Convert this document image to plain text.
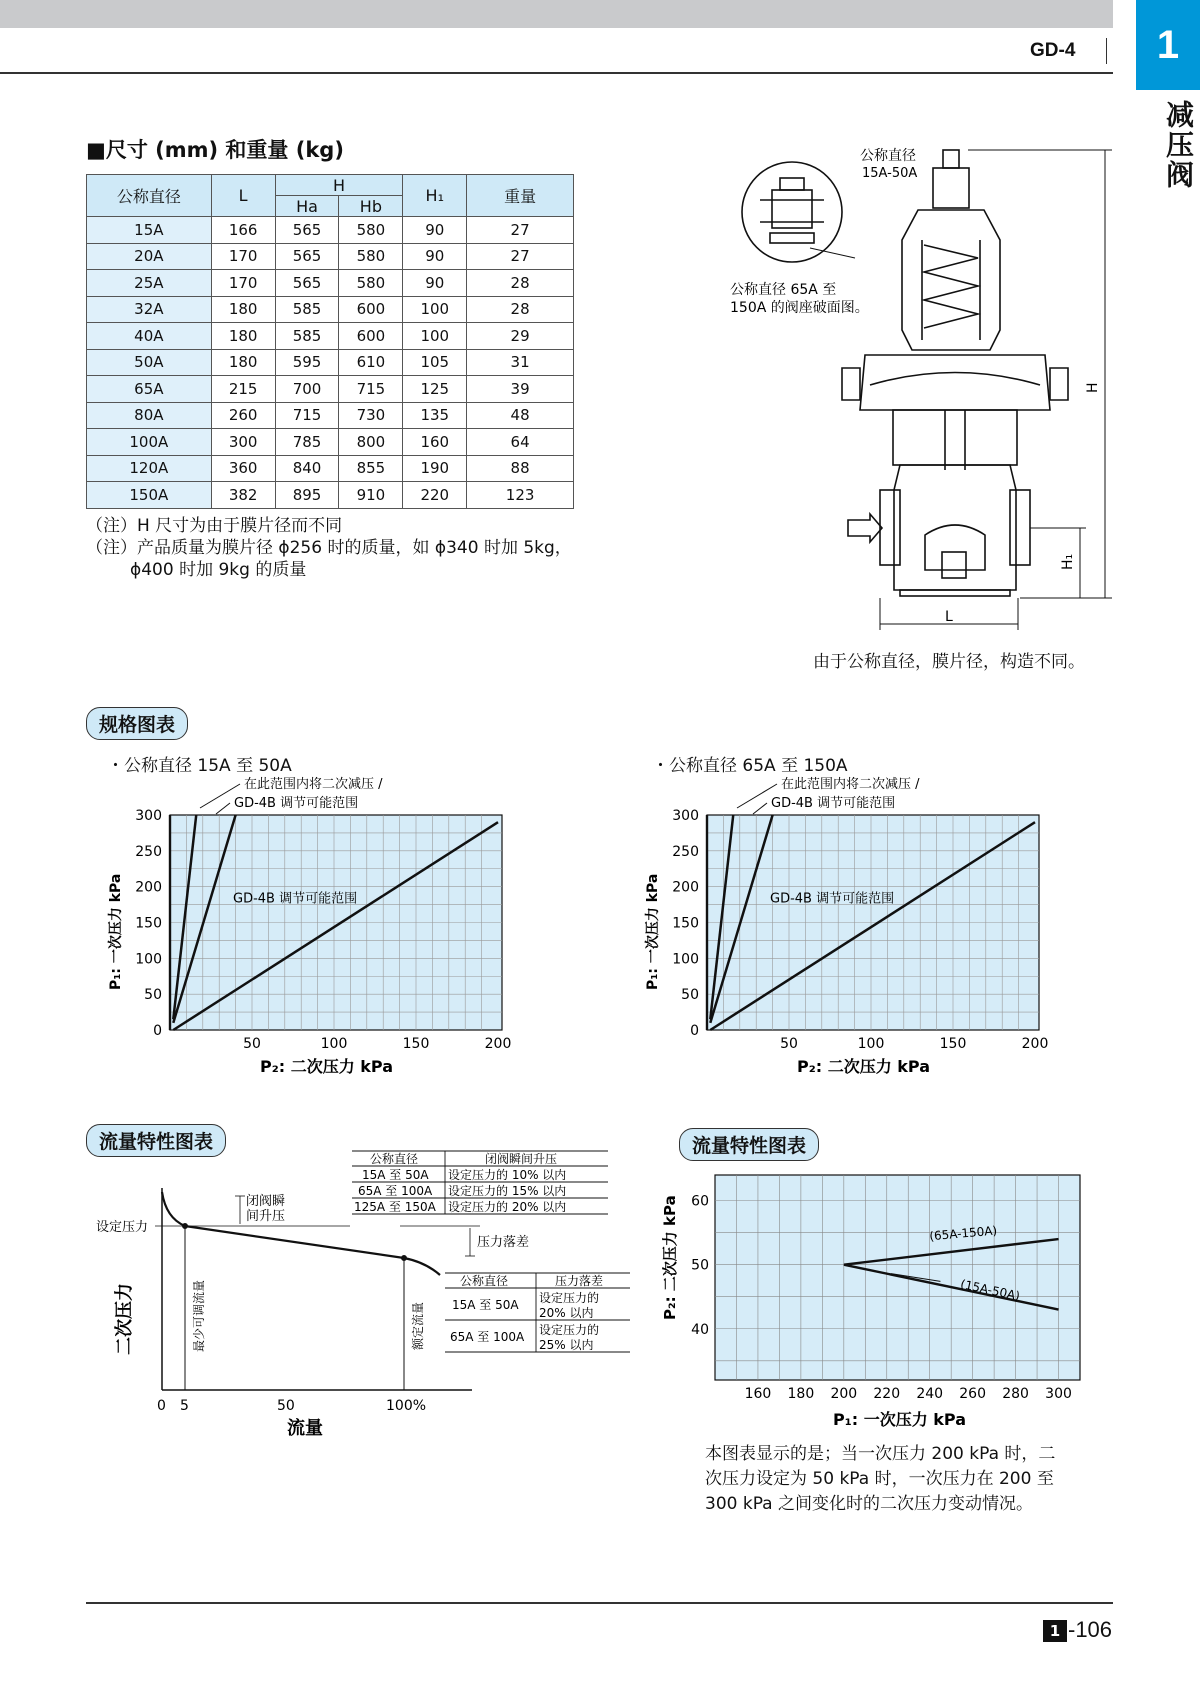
GD-4	1
减压阀
■尺寸 (mm) 和重量 (kg)
公称直径	L	H		H₁	重量
		Ha	Hb		
15A	166	565	580	90	27
20A	170	565	580	90	27
25A	170	565	580	90	28
32A	180	585	600	100	28
40A	180	585	600	100	29
50A	180	595	610	105	31
65A	215	700	715	125	39
80A	260	715	730	135	48
100A	300	785	800	160	64
120A	360	840	855	190	88
150A	382	895	910	220	123
（注）H 尺寸为由于膜片径而不同
（注）产品质量为膜片径 ϕ256 时的质量，如 ϕ340 时加 5kg，
ϕ400 时加 9kg 的质量
H
H₁
L
公称直径
15A-50A
公称直径 65A 至
150A 的阀座破面图。
由于公称直径，膜片径，构造不同。
规格图表
・公称直径 15A 至 50A	・公称直径 65A 至 150A
0
50
100
150
200
250
300
50	100	150	200
P₁: 一次压力 kPa
P₂: 二次压力 kPa
GD-4B 调节可能范围
在此范围内将二次减压 /
GD-4B 调节可能范围
0
50
100
150
200
250
300
50	100	150	200
P₁: 一次压力 kPa
P₂: 二次压力 kPa
GD-4B 调节可能范围
在此范围内将二次减压 /
GD-4B 调节可能范围
流量特性图表
设定压力
闭阀瞬
间升压
压力落差
二次压力	最少可调流量	额定流量
0 5	50	100%
流量
公称直径	闭阀瞬间升压
15A 至 50A 设定压力的 10% 以内
65A 至 100A 设定压力的 15% 以内
125A 至 150A 设定压力的 20% 以内
公称直径	压力落差
15A 至 50A 设定压力的
20% 以内
65A 至 100A 设定压力的
25% 以内
流量特性图表
(65A-150A)
(15A-50A)
40
50
60
160 180 200 220 240 260 280 300
P₂: 二次压力 kPa
P₁: 一次压力 kPa
本图表显示的是；当一次压力 200 kPa 时，二
次压力设定为 50 kPa 时，一次压力在 200 至
300 kPa 之间变化时的二次压力变动情况。
1 -106
